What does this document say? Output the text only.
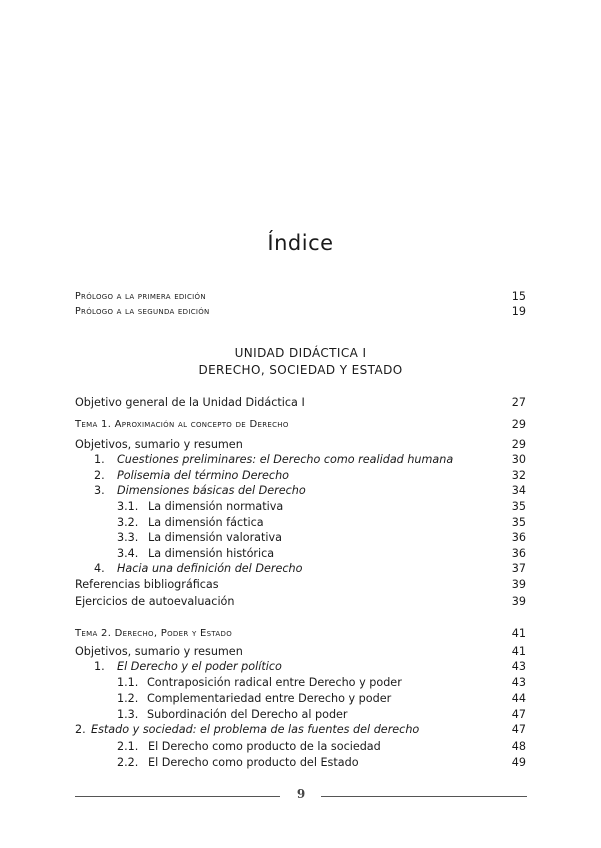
Índice
Prólogo a la primera edición	15
Prólogo a la segunda edición	19
UNIDAD DIDÁCTICA I
DERECHO, SOCIEDAD Y ESTADO
Objetivo general de la Unidad Didáctica I	27
Tema 1. Aproximación al concepto de Derecho	29
Objetivos, sumario y resumen	29
1. Cuestiones preliminares: el Derecho como realidad humana	30
2. Polisemia del término Derecho	32
3. Dimensiones básicas del Derecho	34
3.1. La dimensión normativa	35
3.2. La dimensión fáctica	35
3.3. La dimensión valorativa	36
3.4. La dimensión histórica	36
4. Hacia una definición del Derecho	37
Referencias bibliográficas	39
Ejercicios de autoevaluación	39
Tema 2. Derecho, Poder y Estado	41
Objetivos, sumario y resumen	41
1. El Derecho y el poder político	43
1.1. Contraposición radical entre Derecho y poder	43
1.2. Complementariedad entre Derecho y poder	44
1.3. Subordinación del Derecho al poder	47
2. Estado y sociedad: el problema de las fuentes del derecho	47
2.1. El Derecho como producto de la sociedad	48
2.2. El Derecho como producto del Estado	49
9
